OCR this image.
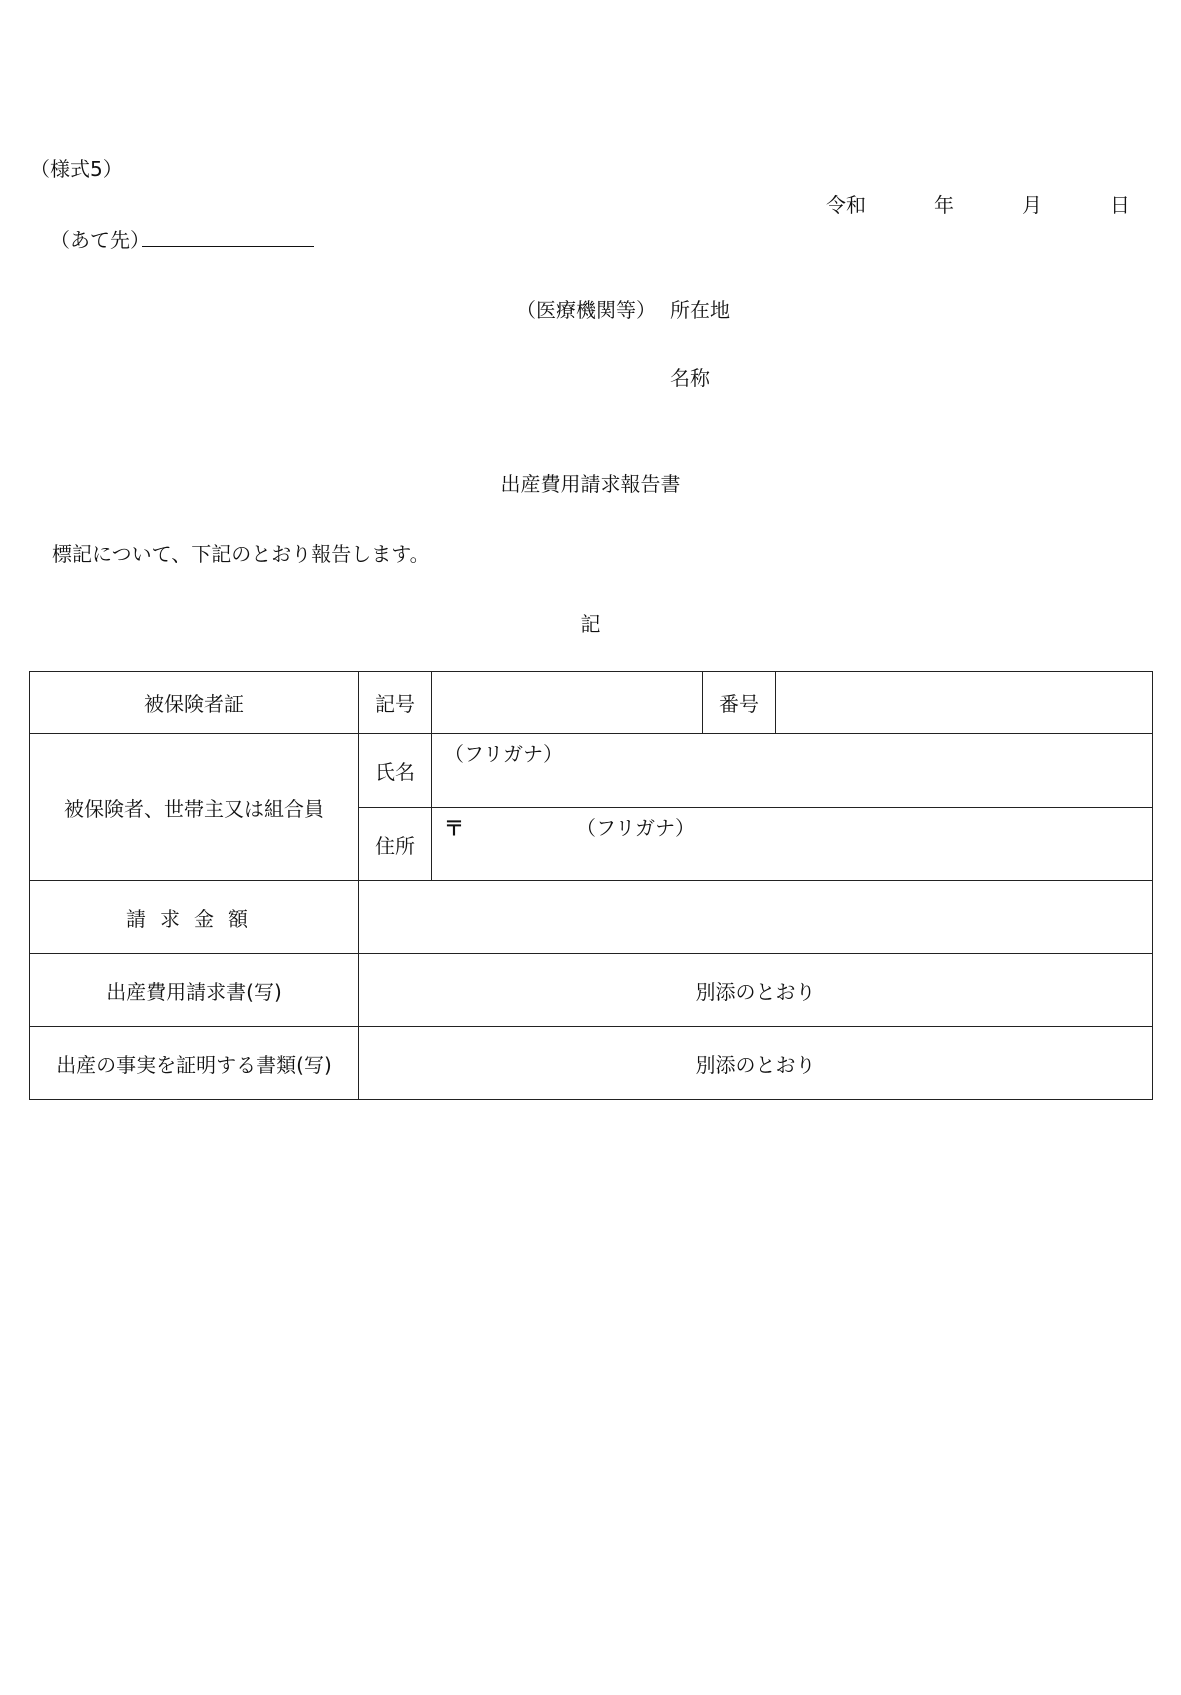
（様式5）
令和	年	月	日
（あて先）
（医療機関等） 所在地
名称
出産費用請求報告書
標記について、下記のとおり報告します。
記
被保険者証	記号		番号	
被保険者、世帯主又は組合員	氏名	（フリガナ）		
	住所	〒 （フリガナ）		
請求金額				
出産費用請求書(写)	別添のとおり			
出産の事実を証明する書類(写)	別添のとおり			
